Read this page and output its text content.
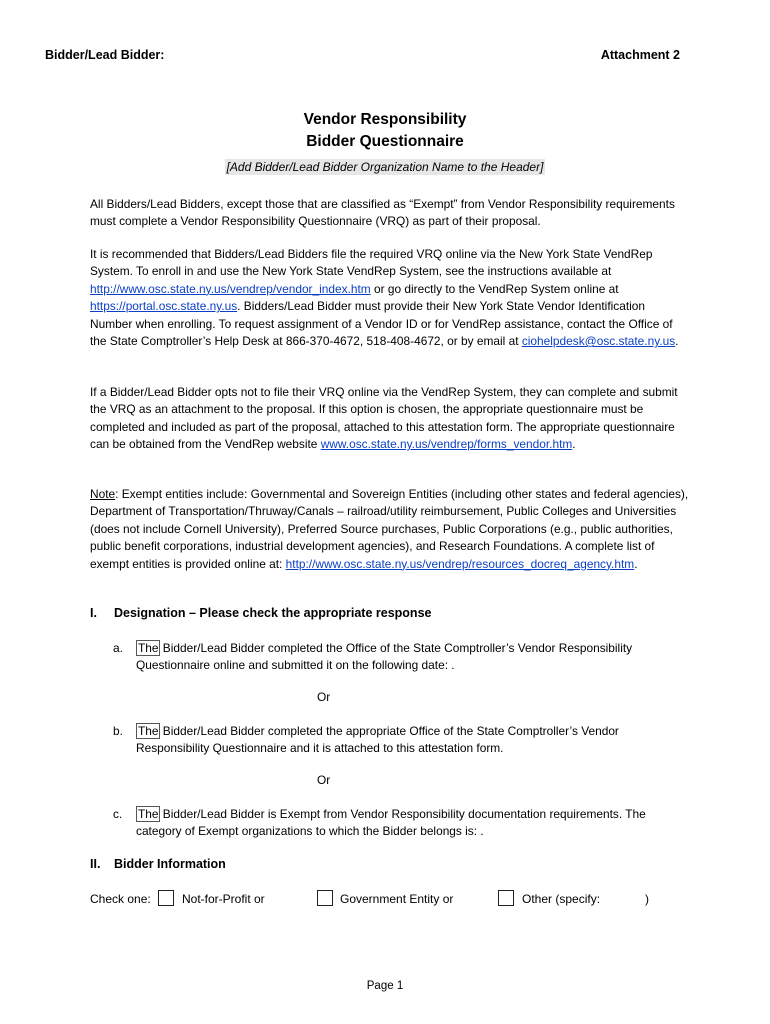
Bidder/Lead Bidder:	Attachment 2
Vendor Responsibility
Bidder Questionnaire
[Add Bidder/Lead Bidder Organization Name to the Header]
All Bidders/Lead Bidders, except those that are classified as “Exempt” from Vendor Responsibility requirements must complete a Vendor Responsibility Questionnaire (VRQ) as part of their proposal.
It is recommended that Bidders/Lead Bidders file the required VRQ online via the New York State VendRep System. To enroll in and use the New York State VendRep System, see the instructions available at http://www.osc.state.ny.us/vendrep/vendor_index.htm or go directly to the VendRep System online at https://portal.osc.state.ny.us. Bidders/Lead Bidder must provide their New York State Vendor Identification Number when enrolling. To request assignment of a Vendor ID or for VendRep assistance, contact the Office of the State Comptroller’s Help Desk at 866-370-4672, 518-408-4672, or by email at ciohelpdesk@osc.state.ny.us.
If a Bidder/Lead Bidder opts not to file their VRQ online via the VendRep System, they can complete and submit the VRQ as an attachment to the proposal. If this option is chosen, the appropriate questionnaire must be completed and included as part of the proposal, attached to this attestation form. The appropriate questionnaire can be obtained from the VendRep website www.osc.state.ny.us/vendrep/forms_vendor.htm.
Note: Exempt entities include: Governmental and Sovereign Entities (including other states and federal agencies), Department of Transportation/Thruway/Canals – railroad/utility reimbursement, Public Colleges and Universities (does not include Cornell University), Preferred Source purchases, Public Corporations (e.g., public authorities, public benefit corporations, industrial development agencies), and Research Foundations. A complete list of exempt entities is provided online at: http://www.osc.state.ny.us/vendrep/resources_docreq_agency.htm.
I. Designation – Please check the appropriate response
a.	The Bidder/Lead Bidder completed the Office of the State Comptroller’s Vendor Responsibility Questionnaire online and submitted it on the following date: .
Or
b.	The Bidder/Lead Bidder completed the appropriate Office of the State Comptroller’s Vendor Responsibility Questionnaire and it is attached to this attestation form.
Or
c.	The Bidder/Lead Bidder is Exempt from Vendor Responsibility documentation requirements. The category of Exempt organizations to which the Bidder belongs is: .
II. Bidder Information
Check one:	Not-for-Profit or	Government Entity or	Other (specify:	)
Page 1
